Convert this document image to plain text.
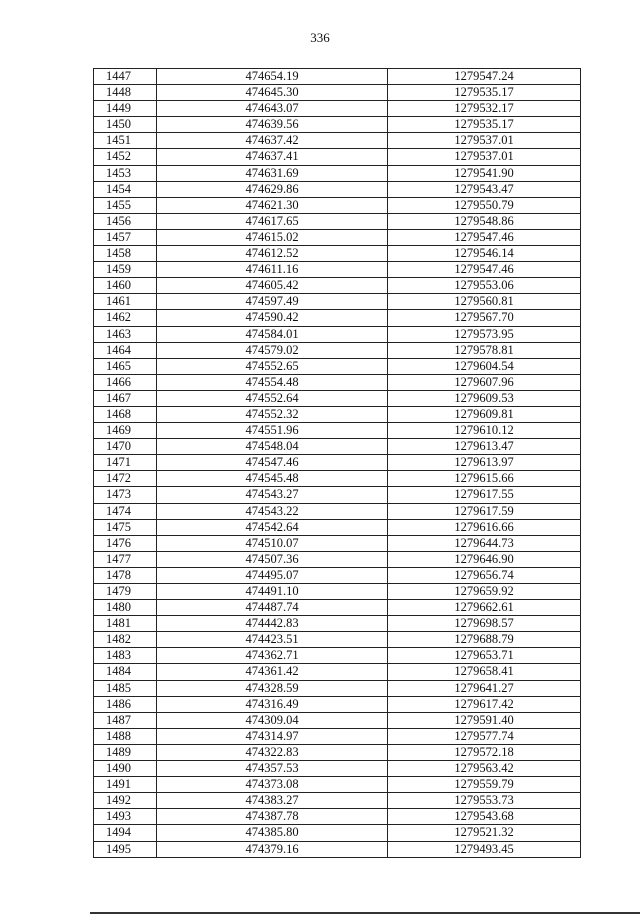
336
1447	474654.19	1279547.24
1448	474645.30	1279535.17
1449	474643.07	1279532.17
1450	474639.56	1279535.17
1451	474637.42	1279537.01
1452	474637.41	1279537.01
1453	474631.69	1279541.90
1454	474629.86	1279543.47
1455	474621.30	1279550.79
1456	474617.65	1279548.86
1457	474615.02	1279547.46
1458	474612.52	1279546.14
1459	474611.16	1279547.46
1460	474605.42	1279553.06
1461	474597.49	1279560.81
1462	474590.42	1279567.70
1463	474584.01	1279573.95
1464	474579.02	1279578.81
1465	474552.65	1279604.54
1466	474554.48	1279607.96
1467	474552.64	1279609.53
1468	474552.32	1279609.81
1469	474551.96	1279610.12
1470	474548.04	1279613.47
1471	474547.46	1279613.97
1472	474545.48	1279615.66
1473	474543.27	1279617.55
1474	474543.22	1279617.59
1475	474542.64	1279616.66
1476	474510.07	1279644.73
1477	474507.36	1279646.90
1478	474495.07	1279656.74
1479	474491.10	1279659.92
1480	474487.74	1279662.61
1481	474442.83	1279698.57
1482	474423.51	1279688.79
1483	474362.71	1279653.71
1484	474361.42	1279658.41
1485	474328.59	1279641.27
1486	474316.49	1279617.42
1487	474309.04	1279591.40
1488	474314.97	1279577.74
1489	474322.83	1279572.18
1490	474357.53	1279563.42
1491	474373.08	1279559.79
1492	474383.27	1279553.73
1493	474387.78	1279543.68
1494	474385.80	1279521.32
1495	474379.16	1279493.45
